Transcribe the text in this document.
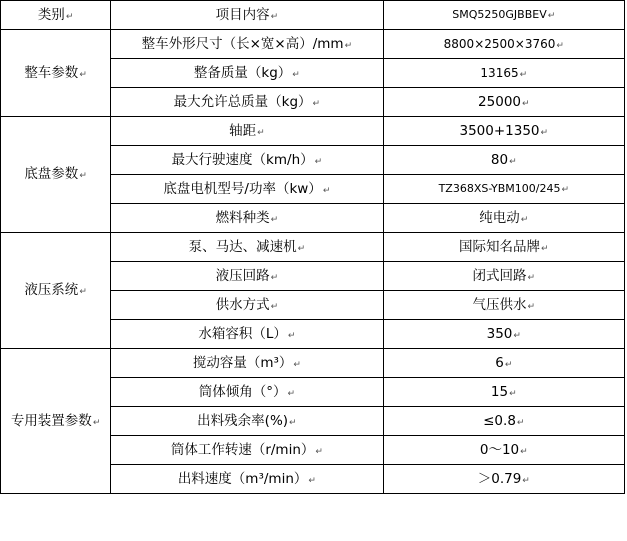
类别↵	项目内容↵	SMQ5250GJBBEV↵

整车参数↵	整车外形尺寸（长×宽×高）/mm↵	8800×2500×3760↵

	整备质量（kg）↵	13165↵

	最大允许总质量（kg）↵	25000↵

底盘参数↵	轴距↵	3500+1350↵

	最大行驶速度（km/h）↵	80↵

	底盘电机型号/功率（kw）↵	TZ368XS-YBM100/245↵

	燃料种类↵	纯电动↵

液压系统↵	泵、马达、减速机↵	国际知名品牌↵

	液压回路↵	闭式回路↵

	供水方式↵	气压供水↵

	水箱容积（L）↵	350↵

专用装置参数↵	搅动容量（m³）↵	6↵

	筒体倾角（°）↵	15↵

	出料残余率(%)↵	≤0.8↵

	筒体工作转速（r/min）↵	0～10↵

	出料速度（m³/min）↵	＞0.79↵
